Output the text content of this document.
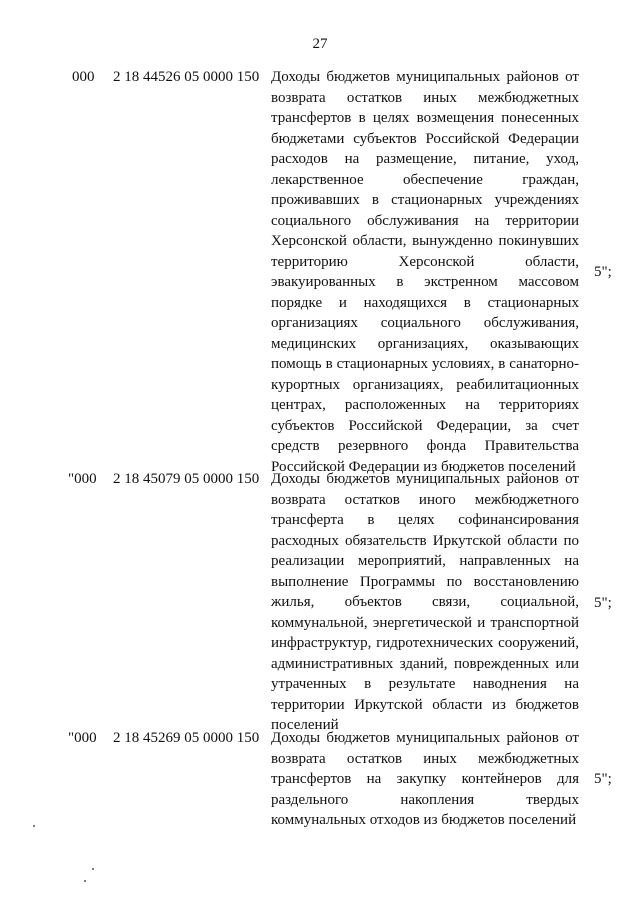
27
000 2 18 44526 05 0000 150 Доходы бюджетов муниципальных районов от возврата остатков иных межбюджетных трансфертов в целях возмещения понесенных бюджетами субъектов Российской Федерации расходов на размещение, питание, уход, лекарственное обеспечение граждан, проживавших в стационарных учреждениях социального обслуживания на территории Херсонской области, вынужденно покинувших территорию Херсонской области, эвакуированных в экстренном массовом порядке и находящихся в стационарных организациях социального обслуживания, медицинских организациях, оказывающих помощь в стационарных условиях, в санаторно-курортных организациях, реабилитационных центрах, расположенных на территориях субъектов Российской Федерации, за счет средств резервного фонда Правительства Российской Федерации из бюджетов поселений
5";
"000 2 18 45079 05 0000 150 Доходы бюджетов муниципальных районов от возврата остатков иного межбюджетного трансферта в целях софинансирования расходных обязательств Иркутской области по реализации мероприятий, направленных на выполнение Программы по восстановлению жилья, объектов связи, социальной, коммунальной, энергетической и транспортной инфраструктур, гидротехнических сооружений, административных зданий, поврежденных или утраченных в результате наводнения на территории Иркутской области из бюджетов поселений
5";
"000 2 18 45269 05 0000 150 Доходы бюджетов муниципальных районов от возврата остатков иных межбюджетных трансфертов на закупку контейнеров для раздельного накопления твердых коммунальных отходов из бюджетов поселений
5";
